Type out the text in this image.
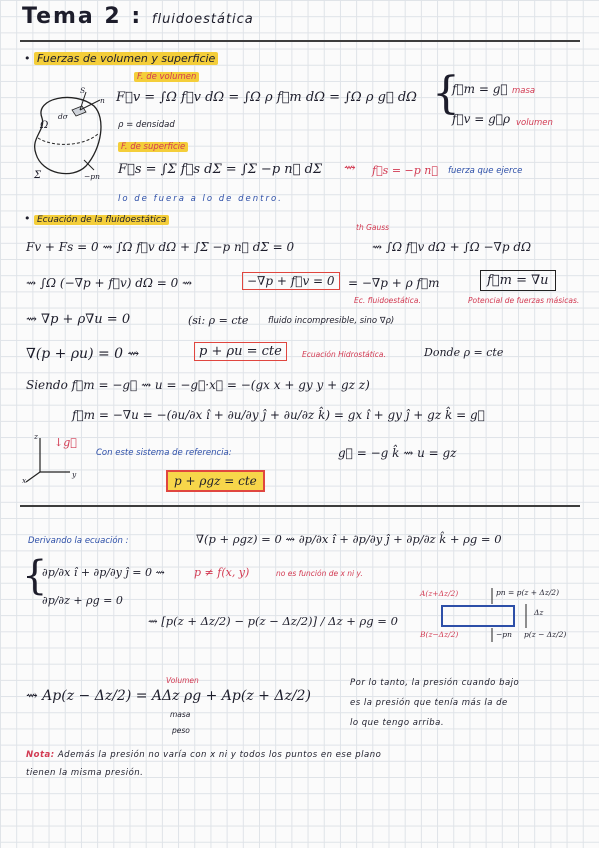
Tema 2 : fluidoestática
• Fuerzas de volumen y superficie
F. de volumen
Ω
Σ
dσ
n
S
−pn
F⃗v = ∫Ω f⃗v dΩ = ∫Ω ρ f⃗m dΩ = ∫Ω ρ g⃗ dΩ
ρ = densidad
{
f⃗m = g⃗ masa
f⃗v = g⃗ρ volumen
F. de superficie
F⃗s = ∫Σ f⃗s dΣ = ∫Σ −p n⃗ dΣ ⇝ f⃗s = −p n⃗ fuerza que ejerce
lo de fuera a lo de dentro.
• Ecuación de la fluidoestática
Fv + Fs = 0 ⇝ ∫Ω f⃗v dΩ + ∫Σ −p n⃗ dΣ = 0
th Gauss
⇝ ∫Ω f⃗v dΩ + ∫Ω −∇p dΩ
⇝ ∫Ω (−∇p + f⃗v) dΩ = 0 ⇝	−∇p + f⃗v = 0	= −∇p + ρ f⃗m
Ec. fluidoestática.
f⃗m = ∇u
Potencial de fuerzas másicas.
⇝ ∇p + ρ∇u = 0	(si: ρ = cte fluido incompresible, sino ∇ρ)
∇(p + ρu) = 0 ⇝	p + ρu = cte	Ecuación Hidrostática.	Donde ρ = cte
Siendo f⃗m = −g⃗ ⇝ u = −g⃗·x⃗ = −(gx x + gy y + gz z)
f⃗m = −∇u = −(∂u/∂x î + ∂u/∂y ĵ + ∂u/∂z k̂) = gx î + gy ĵ + gz k̂ = g⃗
z
y
x
↓g⃗
Con este sistema de referencia:	g⃗ = −g k̂ ⇝ u = gz
p + ρgz = cte
Derivando la ecuación :	∇(p + ρgz) = 0 ⇝ ∂p/∂x î + ∂p/∂y ĵ + ∂p/∂z k̂ + ρg = 0
{
∂p/∂x î + ∂p/∂y ĵ = 0 ⇝	p ≠ f(x, y)	no es función de x ni y.
∂p/∂z + ρg = 0
⇝ [p(z + Δz/2) − p(z − Δz/2)] / Δz + ρg = 0
A(z+Δz/2)	pn = p(z + Δz/2)
Δz
B(z−Δz/2)	−pn p(z − Δz/2)
Volumen
⇝ Ap(z − Δz/2) = AΔz ρg + Ap(z + Δz/2)
masa
peso
Por lo tanto, la presión cuando bajo
es la presión que tenía más la de
lo que tengo arriba.
Nota: Además la presión no varía con x ni y todos los puntos en ese plano
tienen la misma presión.
